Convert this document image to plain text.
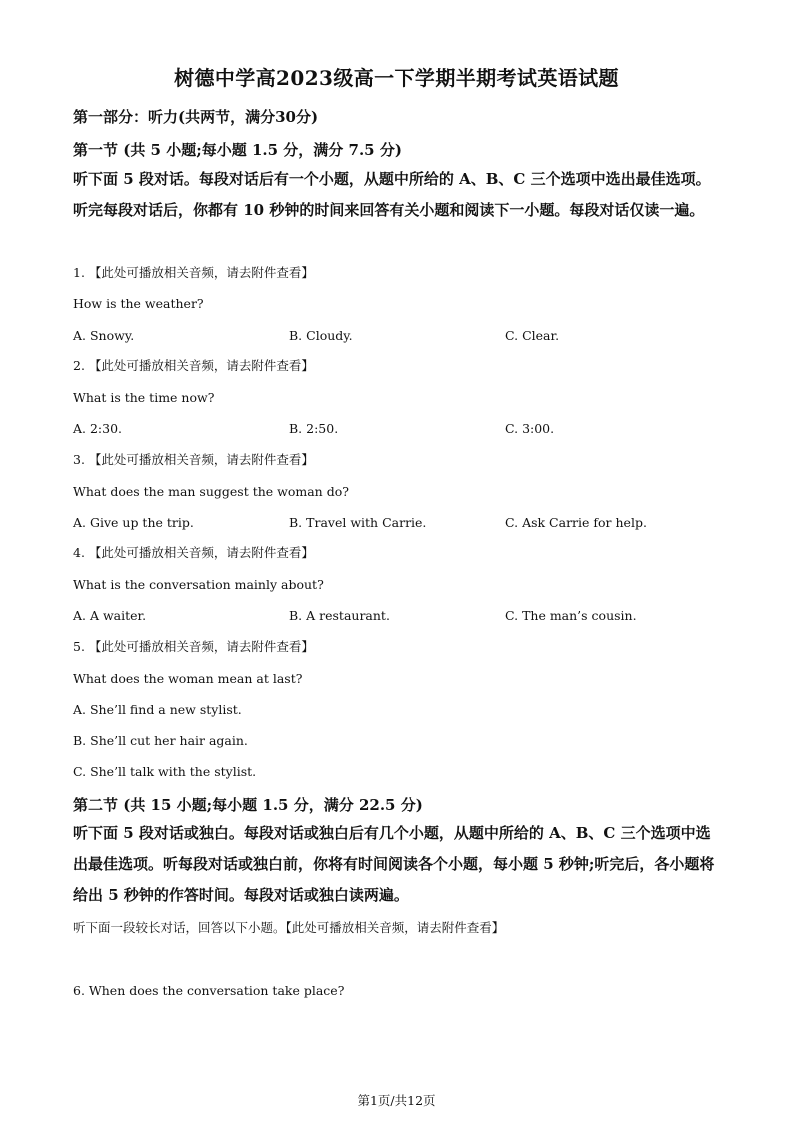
树德中学高2023级高一下学期半期考试英语试题
第一部分：听力(共两节，满分30分)
第一节 (共 5 小题;每小题 1.5 分，满分 7.5 分)
听下面 5 段对话。每段对话后有一个小题，从题中所给的 A、B、C 三个选项中选出最佳选项。听完每段对话后，你都有 10 秒钟的时间来回答有关小题和阅读下一小题。每段对话仅读一遍。
1. 【此处可播放相关音频，请去附件查看】
How is the weather?
A. Snowy.	B. Cloudy.	C. Clear.
2. 【此处可播放相关音频，请去附件查看】
What is the time now?
A. 2:30.	B. 2:50.	C. 3:00.
3. 【此处可播放相关音频，请去附件查看】
What does the man suggest the woman do?
A. Give up the trip.	B. Travel with Carrie.	C. Ask Carrie for help.
4. 【此处可播放相关音频，请去附件查看】
What is the conversation mainly about?
A. A waiter.	B. A restaurant.	C. The man’s cousin.
5. 【此处可播放相关音频，请去附件查看】
What does the woman mean at last?
A. She’ll find a new stylist.
B. She’ll cut her hair again.
C. She’ll talk with the stylist.
第二节 (共 15 小题;每小题 1.5 分，满分 22.5 分)
听下面 5 段对话或独白。每段对话或独白后有几个小题，从题中所给的 A、B、C 三个选项中选出最佳选项。听每段对话或独白前，你将有时间阅读各个小题，每小题 5 秒钟;听完后，各小题将给出 5 秒钟的作答时间。每段对话或独白读两遍。
听下面一段较长对话，回答以下小题。【此处可播放相关音频，请去附件查看】
6. When does the conversation take place?
第1页/共12页
